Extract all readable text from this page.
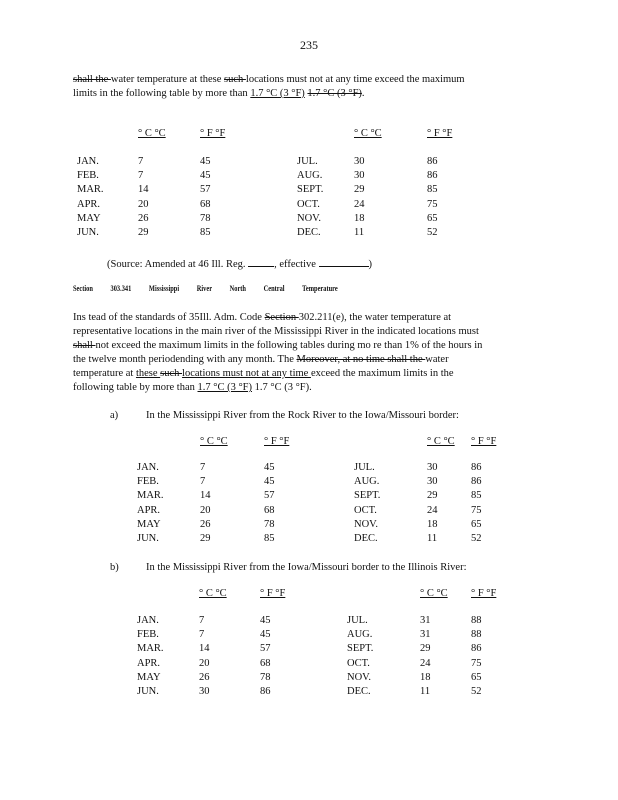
235
shall the water temperature at these such locations must not at any time exceed the maximum
limits in the following table by more than 1.7 °C (3 °F) 1.7 °C (3 °F).
° C °C	° F °F	° C °C	° F °F
JAN.	7	45	JUL.	30	86
FEB.	7	45	AUG.	30	86
MAR.	14	57	SEPT.	29	85
APR.	20	68	OCT.	24	75
MAY	26	78	NOV.	18	65
JUN.	29	85	DEC.	11	52
(Source: Amended at 46 Ill. Reg.	, effective	)
Section 303.341 Mississippi River North Central Temperature
Ins tead of the standards of 35Ill. Adm. Code Section 302.211(e), the water temperature at
representative locations in the main river of the Mississippi River in the indicated locations must
shall not exceed the maximum limits in the following tables during mo re than 1% of the hours in
the twelve month periodending with any month. The Moreover, at no time shall the water
temperature at these such locations must not at any time exceed the maximum limits in the
following table by more than 1.7 °C (3 °F) 1.7 °C (3 °F).
a)	In the Mississippi River from the Rock River to the Iowa/Missouri border:
° C °C	° F °F	° C °C ° F °F
JAN.	7	45	JUL.	30	86
FEB.	7	45	AUG.	30	86
MAR.	14	57	SEPT.	29	85
APR.	20	68	OCT.	24	75
MAY	26	78	NOV.	18	65
JUN.	29	85	DEC.	11	52
b)	In the Mississippi River from the Iowa/Missouri border to the Illinois River:
° C °C	° F °F	° C °C ° F °F
JAN.	7	45	JUL.	31	88
FEB.	7	45	AUG.	31	88
MAR.	14	57	SEPT.	29	86
APR.	20	68	OCT.	24	75
MAY	26	78	NOV.	18	65
JUN.	30	86	DEC.	11	52
